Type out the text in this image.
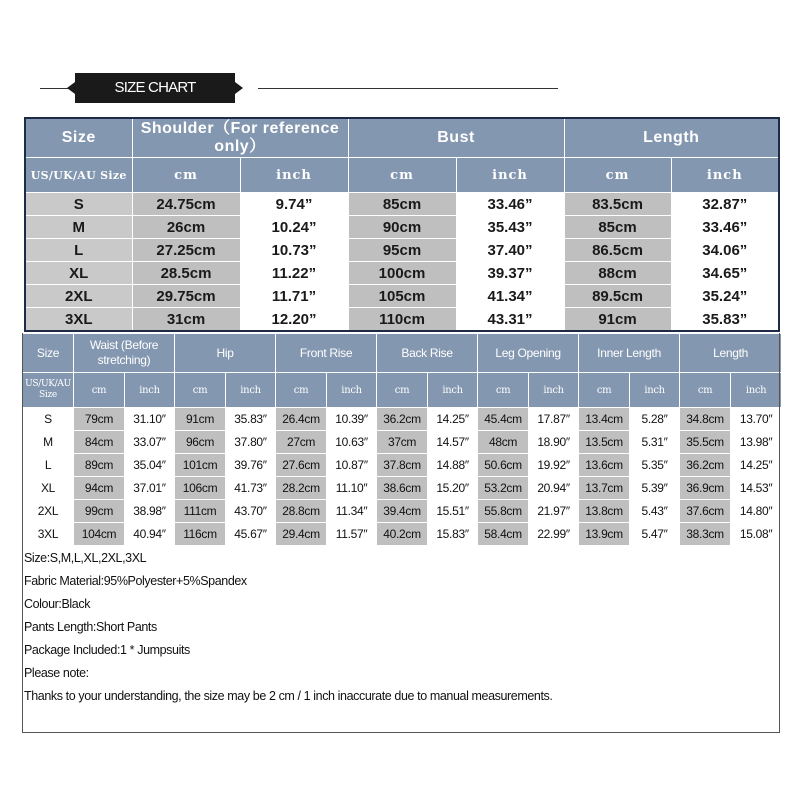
SIZE CHART
Size	Shoulder（For reference only）		Bust		Length	
US/UK/AU Size	cm	inch	cm	inch	cm	inch
S	24.75cm	9.74”	85cm	33.46”	83.5cm	32.87”
M	26cm	10.24”	90cm	35.43”	85cm	33.46”
L	27.25cm	10.73”	95cm	37.40”	86.5cm	34.06”
XL	28.5cm	11.22”	100cm	39.37”	88cm	34.65”
2XL	29.75cm	11.71”	105cm	41.34”	89.5cm	35.24”
3XL	31cm	12.20”	110cm	43.31”	91cm	35.83”
Size	Waist (Before stretching)		Hip		Front Rise		Back Rise		Leg Opening		Inner Length		Length	
US/UK/AU Size	cm	inch	cm	inch	cm	inch	cm	inch	cm	inch	cm	inch	cm	inch
S	79cm	31.10″	91cm	35.83″	26.4cm	10.39″	36.2cm	14.25″	45.4cm	17.87″	13.4cm	5.28″	34.8cm	13.70″
M	84cm	33.07″	96cm	37.80″	27cm	10.63″	37cm	14.57″	48cm	18.90″	13.5cm	5.31″	35.5cm	13.98″
L	89cm	35.04″	101cm	39.76″	27.6cm	10.87″	37.8cm	14.88″	50.6cm	19.92″	13.6cm	5.35″	36.2cm	14.25″
XL	94cm	37.01″	106cm	41.73″	28.2cm	11.10″	38.6cm	15.20″	53.2cm	20.94″	13.7cm	5.39″	36.9cm	14.53″
2XL	99cm	38.98″	111cm	43.70″	28.8cm	11.34″	39.4cm	15.51″	55.8cm	21.97″	13.8cm	5.43″	37.6cm	14.80″
3XL	104cm	40.94″	116cm	45.67″	29.4cm	11.57″	40.2cm	15.83″	58.4cm	22.99″	13.9cm	5.47″	38.3cm	15.08″
Size:S,M,L,XL,2XL,3XL
Fabric Material:95%Polyester+5%Spandex
Colour:Black
Pants Length:Short Pants
Package Included:1 * Jumpsuits
Please note:
Thanks to your understanding, the size may be 2 cm / 1 inch inaccurate due to manual measurements.
